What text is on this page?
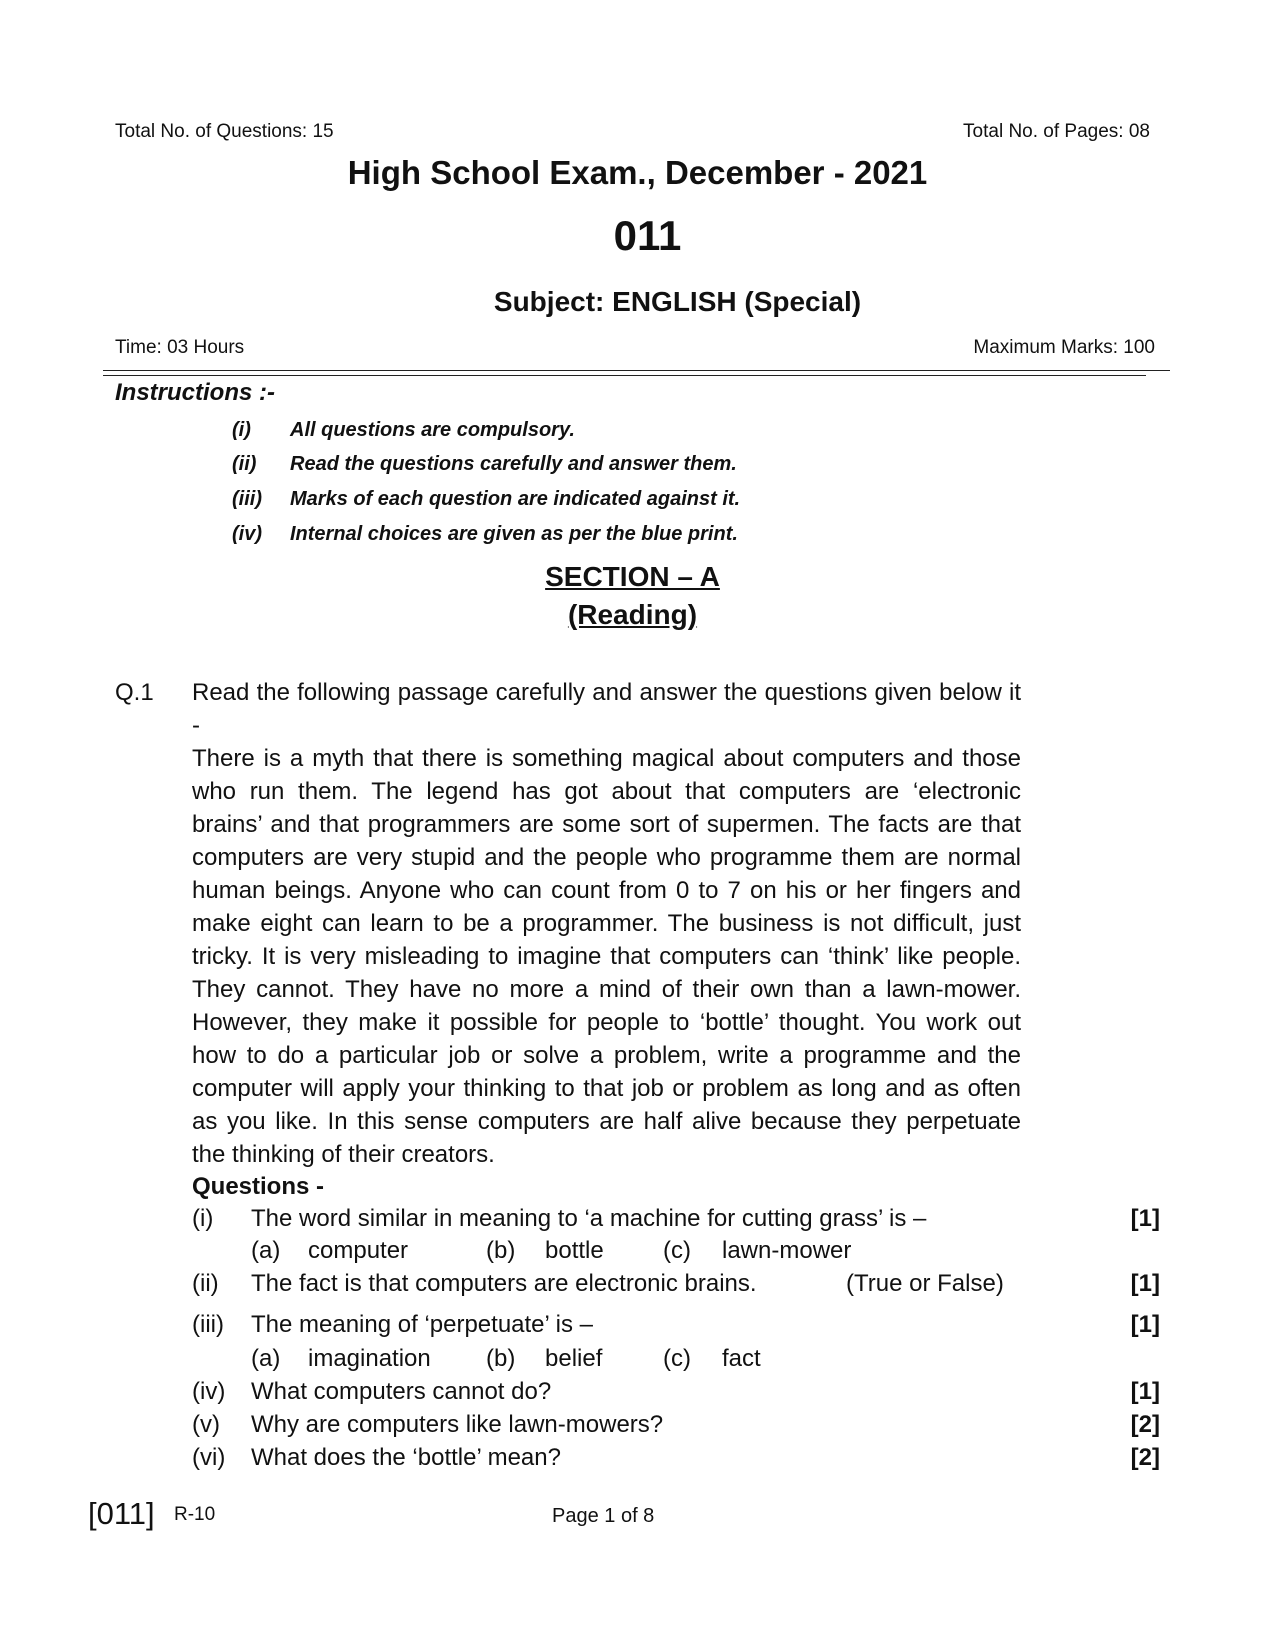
Total No. of Questions: 15	Total No. of Pages: 08
High School Exam., December - 2021
011
Subject: ENGLISH (Special)
Time: 03 Hours	Maximum Marks: 100
Instructions :-
(i) All questions are compulsory.
(ii) Read the questions carefully and answer them.
(iii) Marks of each question are indicated against it.
(iv) Internal choices are given as per the blue print.
SECTION – A
(Reading)
Q.1 Read the following passage carefully and answer the questions given below it -

There is a myth that there is something magical about computers and those who run them. The legend has got about that computers are ‘electronic brains’ and that programmers are some sort of supermen. The facts are that computers are very stupid and the people who programme them are normal human beings. Anyone who can count from 0 to 7 on his or her fingers and make eight can learn to be a programmer. The business is not difficult, just tricky. It is very misleading to imagine that computers can ‘think’ like people. They cannot. They have no more a mind of their own than a lawn-mower. However, they make it possible for people to ‘bottle’ thought. You work out how to do a particular job or solve a problem, write a programme and the computer will apply your thinking to that job or problem as long and as often as you like. In this sense computers are half alive because they perpetuate the thinking of their creators.

Questions -
(i) The word similar in meaning to ‘a machine for cutting grass’ is –	[1]
(a) computer	(b) bottle (c) lawn-mower
(ii) The fact is that computers are electronic brains.	(True or False)	[1]
(iii) The meaning of ‘perpetuate’ is –	[1]
(a) imagination (b) belief	(c) fact
(iv) What computers cannot do?	[1]
(v) Why are computers like lawn-mowers?	[2]
(vi) What does the ‘bottle’ mean?	[2]
[011] R-10	Page 1 of 8
